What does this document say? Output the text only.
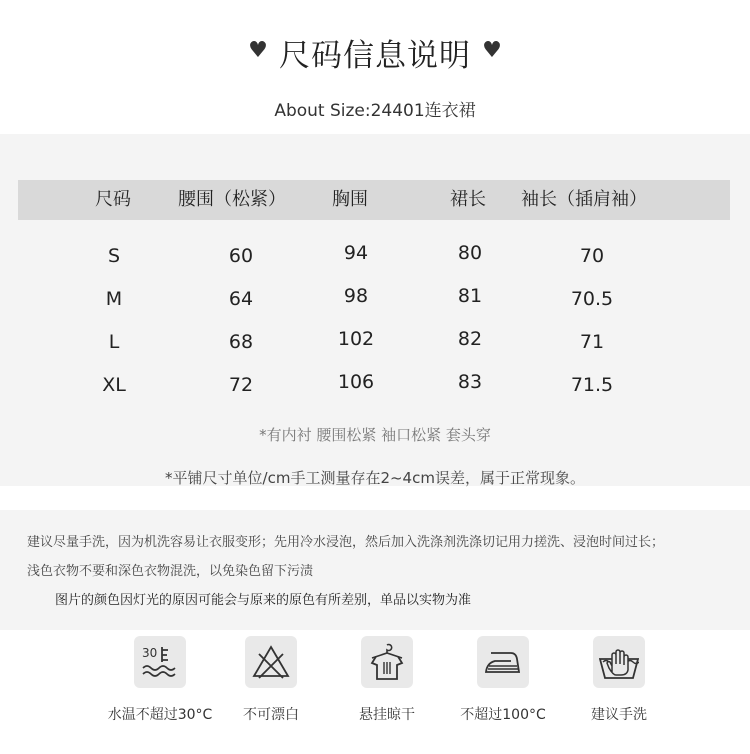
♥ 尺码信息说明 ♥
About Size:24401连衣裙
尺码	腰围（松紧）	胸围	裙长 袖长（插肩袖）
S	60	94	80	70
M	64	98	81	70.5
L	68	102	82	71
XL	72	106	83	71.5
*有内衬 腰围松紧 袖口松紧 套头穿
*平铺尺寸单位/cm手工测量存在2~4cm误差，属于正常现象。
建议尽量手洗，因为机洗容易让衣服变形；先用冷水浸泡，然后加入洗涤剂洗涤切记用力搓洗、浸泡时间过长；
浅色衣物不要和深色衣物混洗，以免染色留下污渍
图片的颜色因灯光的原因可能会与原来的原色有所差别，单品以实物为准
30
水温不超过30°C	不可漂白	悬挂晾干	不超过100°C	建议手洗
